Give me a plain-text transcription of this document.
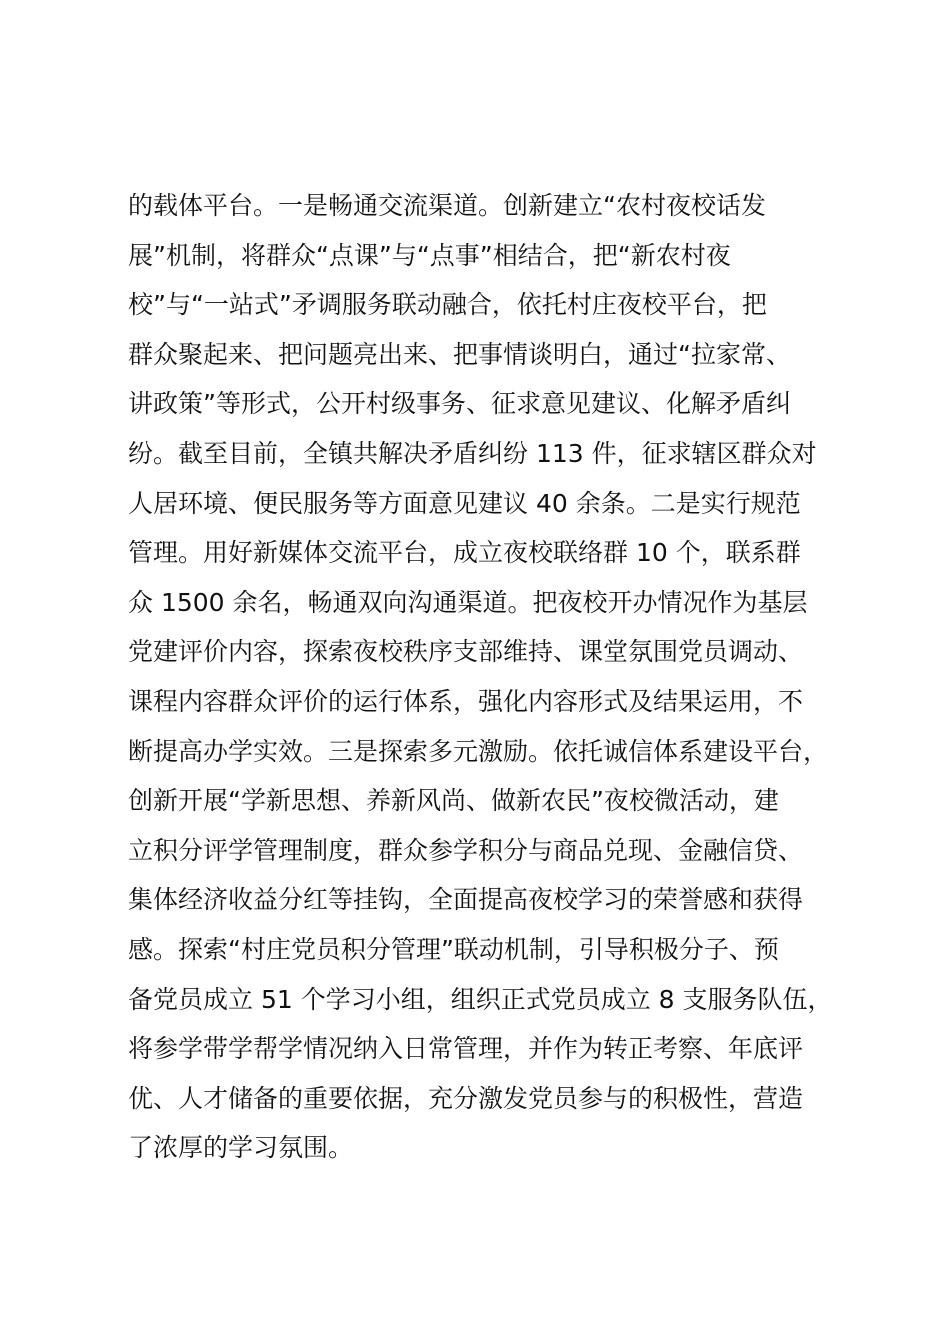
的载体平台。一是畅通交流渠道。创新建立“农村夜校话发
展”机制，将群众“点课”与“点事”相结合，把“新农村夜
校”与“一站式”矛调服务联动融合，依托村庄夜校平台，把
群众聚起来、把问题亮出来、把事情谈明白，通过“拉家常、
讲政策”等形式，公开村级事务、征求意见建议、化解矛盾纠
纷。截至目前，全镇共解决矛盾纠纷 113 件，征求辖区群众对
人居环境、便民服务等方面意见建议 40 余条。二是实行规范
管理。用好新媒体交流平台，成立夜校联络群 10 个，联系群
众 1500 余名，畅通双向沟通渠道。把夜校开办情况作为基层
党建评价内容，探索夜校秩序支部维持、课堂氛围党员调动、
课程内容群众评价的运行体系，强化内容形式及结果运用，不
断提高办学实效。三是探索多元激励。依托诚信体系建设平台，
创新开展“学新思想、养新风尚、做新农民”夜校微活动，建
立积分评学管理制度，群众参学积分与商品兑现、金融信贷、
集体经济收益分红等挂钩，全面提高夜校学习的荣誉感和获得
感。探索“村庄党员积分管理”联动机制，引导积极分子、预
备党员成立 51 个学习小组，组织正式党员成立 8 支服务队伍，
将参学带学帮学情况纳入日常管理，并作为转正考察、年底评
优、人才储备的重要依据，充分激发党员参与的积极性，营造
了浓厚的学习氛围。
